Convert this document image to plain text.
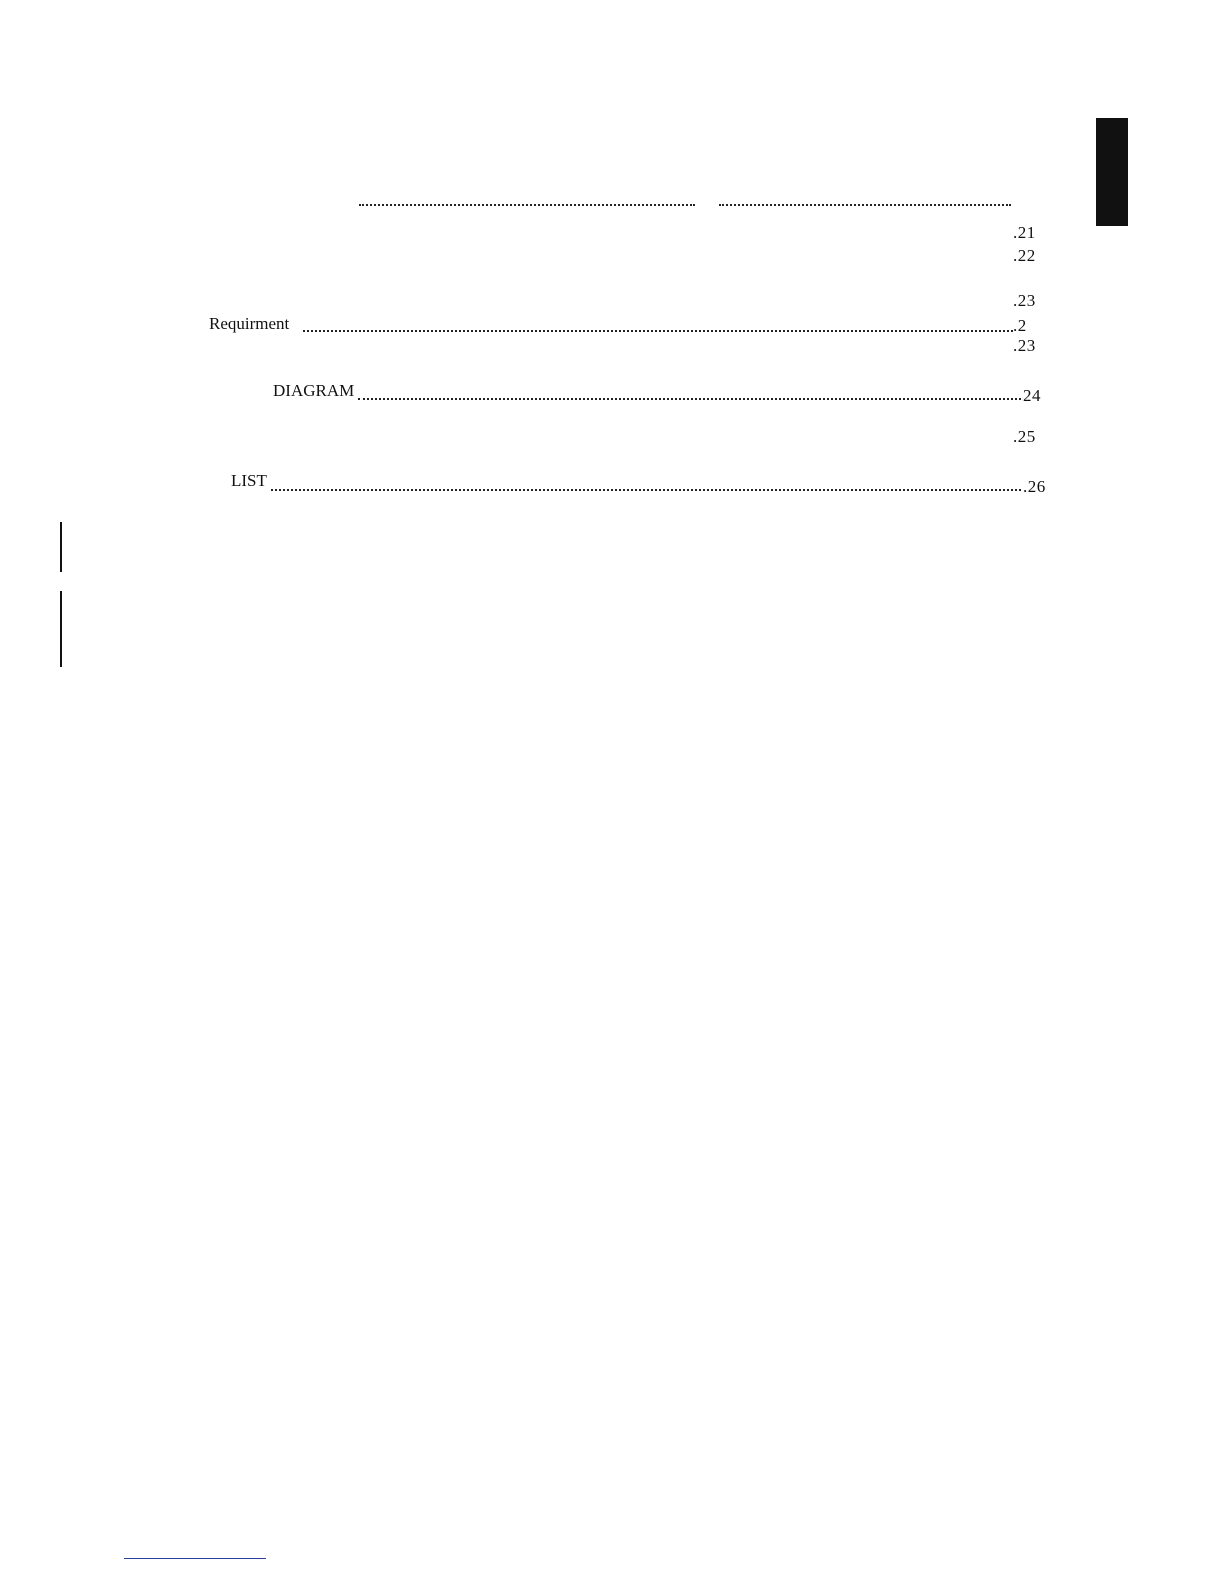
.21
.22
.23
Requirment	.2
.23
DIAGRAM	24
.25
LIST	.26
